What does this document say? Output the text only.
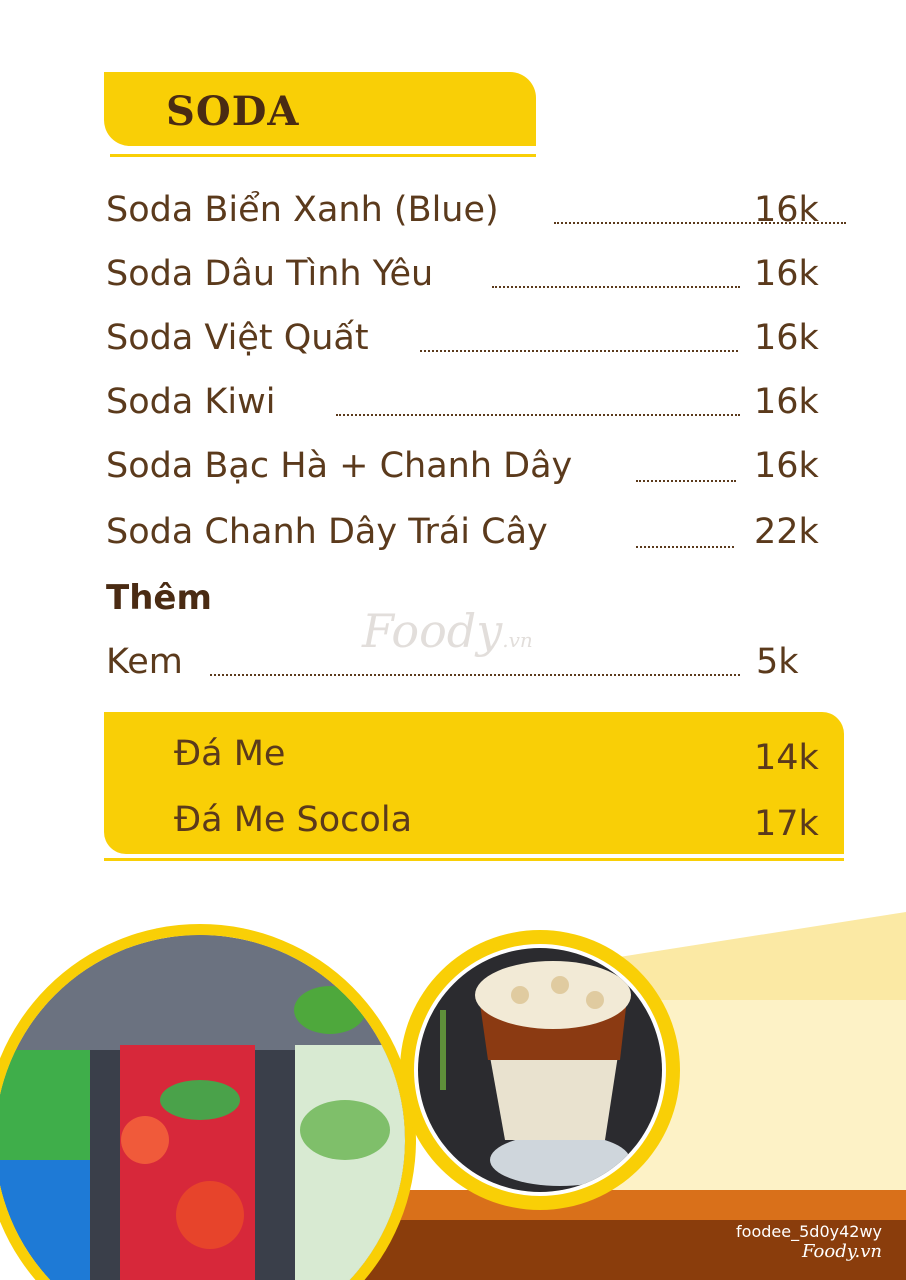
SODA
Soda Biển Xanh (Blue)	16k
Soda Dâu Tình Yêu	16k
Soda Việt Quất	16k
Soda Kiwi	16k
Soda Bạc Hà + Chanh Dây	16k
Soda Chanh Dây Trái Cây	22k
Thêm
Foody.vn
Kem	5k
Đá Me	14k
Đá Me Socola	17k
foodee_5d0y42wy
Foody.vn
